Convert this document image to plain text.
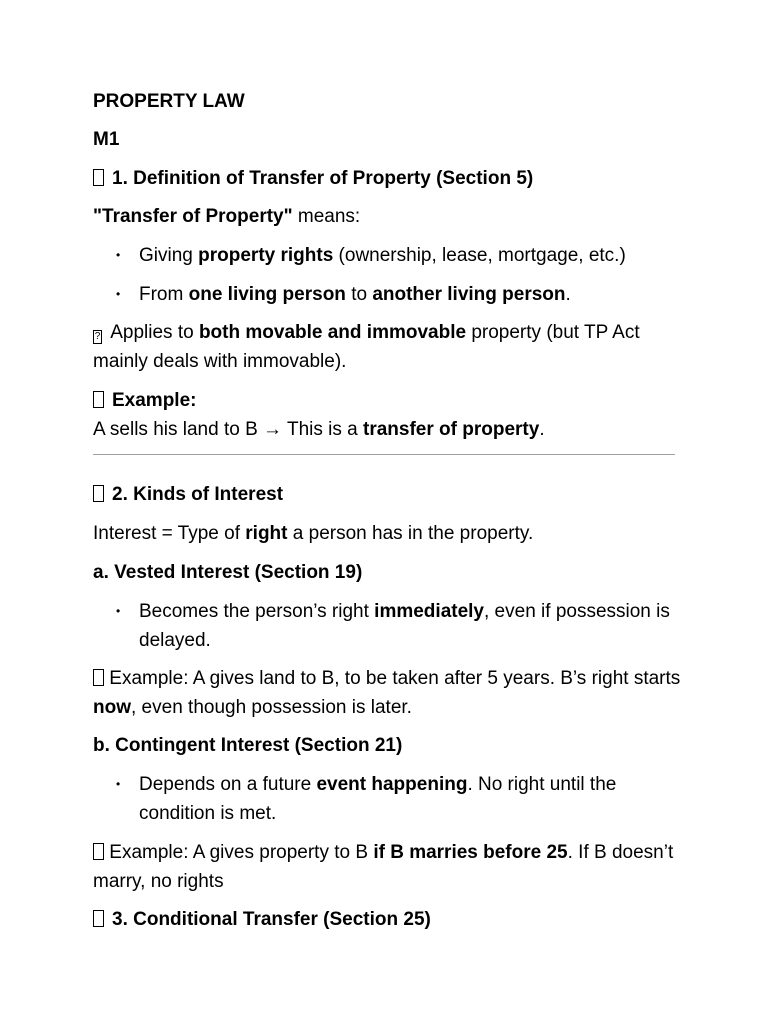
PROPERTY LAW

M1

1. Definition of Transfer of Property (Section 5)

"Transfer of Property" means:

• Giving property rights (ownership, lease, mortgage, etc.)

• From one living person to another living person.

? Applies to both movable and immovable property (but TP Act mainly deals with immovable).

Example:

A sells his land to B → This is a transfer of property.

2. Kinds of Interest

Interest = Type of right a person has in the property.

a. Vested Interest (Section 19)

• Becomes the person’s right immediately, even if possession is delayed.

Example: A gives land to B, to be taken after 5 years. B’s right starts now, even though possession is later.

b. Contingent Interest (Section 21)

• Depends on a future event happening. No right until the condition is met.

Example: A gives property to B if B marries before 25. If B doesn’t marry, no rights

3. Conditional Transfer (Section 25)
